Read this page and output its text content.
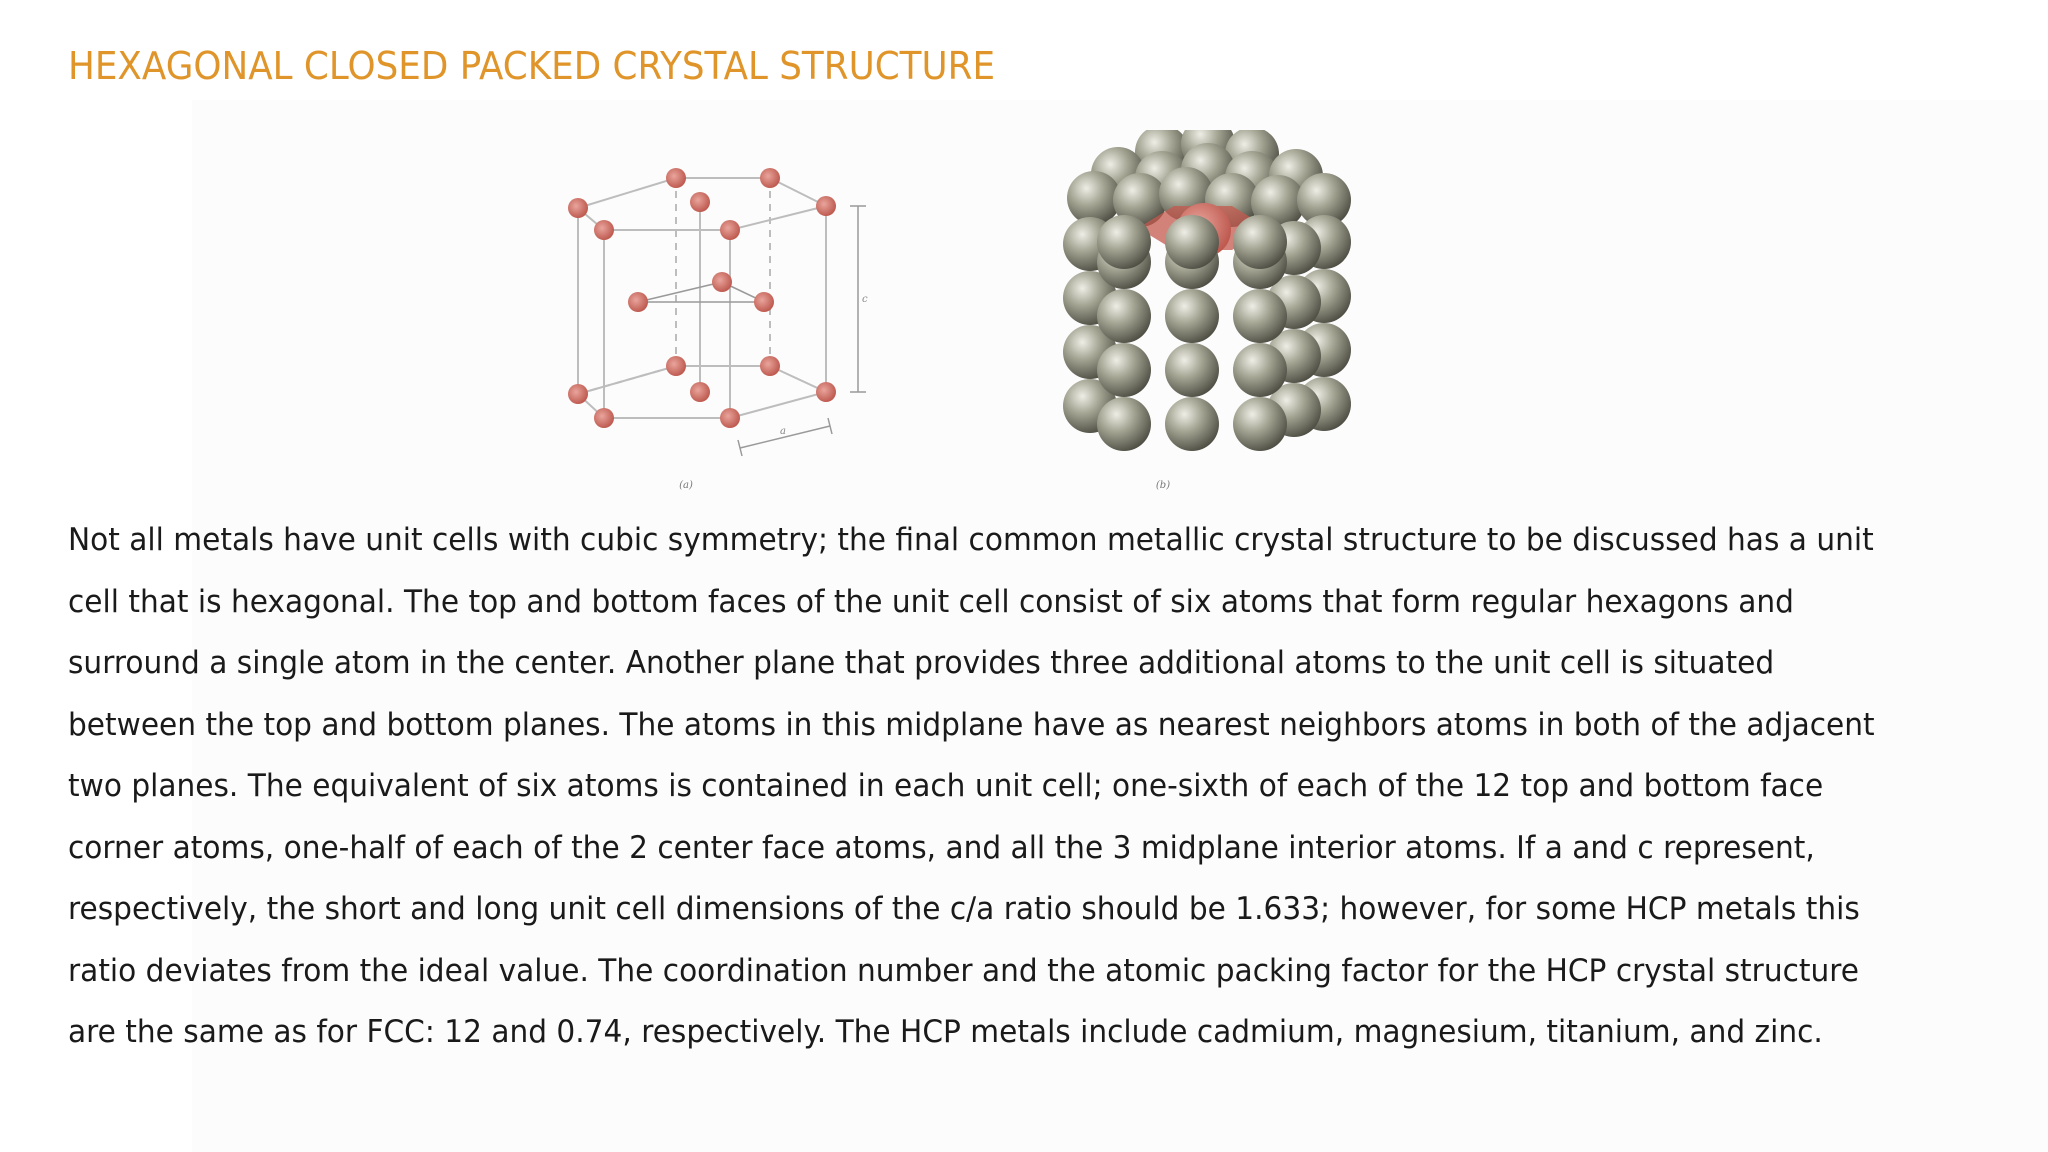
HEXAGONAL CLOSED PACKED CRYSTAL STRUCTURE
c
a
(a)	(b)
Not all metals have unit cells with cubic symmetry; the final common metallic crystal structure to be discussed has a unit
cell that is hexagonal. The top and bottom faces of the unit cell consist of six atoms that form regular hexagons and
surround a single atom in the center. Another plane that provides three additional atoms to the unit cell is situated
between the top and bottom planes. The atoms in this midplane have as nearest neighbors atoms in both of the adjacent
two planes. The equivalent of six atoms is contained in each unit cell; one-sixth of each of the 12 top and bottom face
corner atoms, one-half of each of the 2 center face atoms, and all the 3 midplane interior atoms. If a and c represent,
respectively, the short and long unit cell dimensions of the c/a ratio should be 1.633; however, for some HCP metals this
ratio deviates from the ideal value. The coordination number and the atomic packing factor for the HCP crystal structure
are the same as for FCC: 12 and 0.74, respectively. The HCP metals include cadmium, magnesium, titanium, and zinc.
